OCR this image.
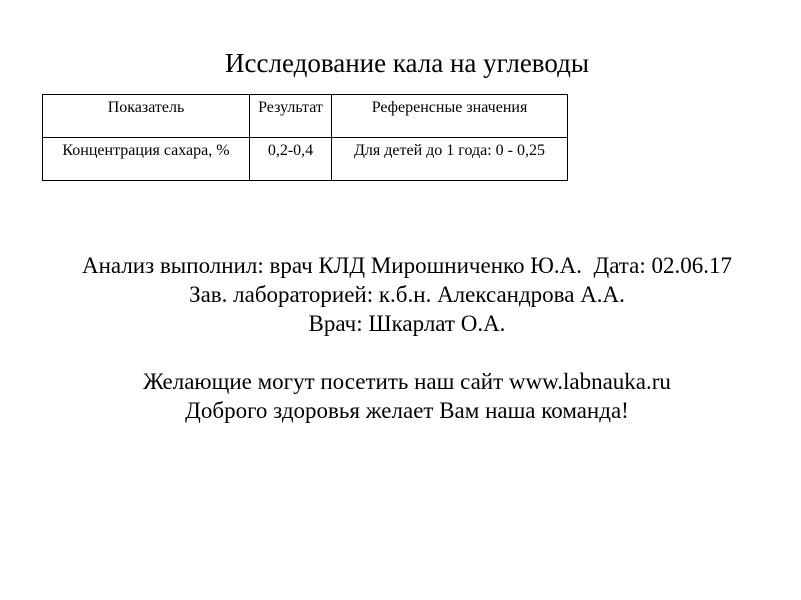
Исследование кала на углеводы
Показатель	Результат	Референсные значения
Концентрация сахара, %	0,2-0,4	Для детей до 1 года: 0 - 0,25
Анализ выполнил: врач КЛД Мирошниченко Ю.А.  Дата: 02.06.17
Зав. лабораторией: к.б.н. Александрова А.А.
Врач: Шкарлат О.А.
Желающие могут посетить наш сайт www.labnauka.ru
Доброго здоровья желает Вам наша команда!
